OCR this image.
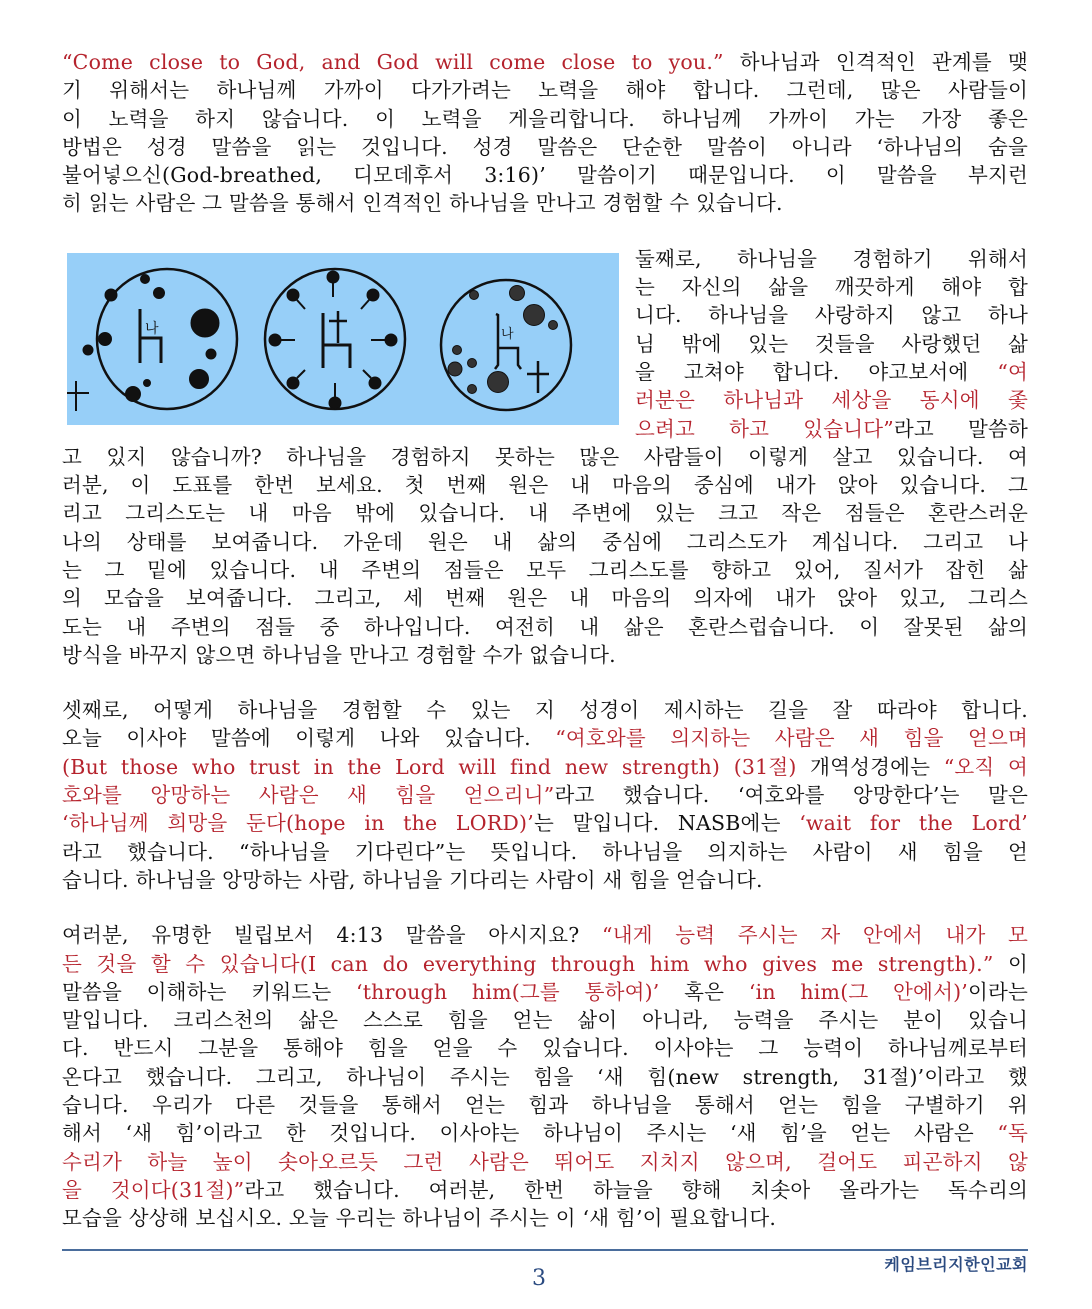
“Come close to God, and God will come close to you.” 하나님과 인격적인 관계를 맺
기 위해서는 하나님께 가까이 다가가려는 노력을 해야 합니다. 그런데, 많은 사람들이
이 노력을 하지 않습니다. 이 노력을 게을리합니다. 하나님께 가까이 가는 가장 좋은
방법은 성경 말씀을 읽는 것입니다. 성경 말씀은 단순한 말씀이 아니라 ‘하나님의 숨을
불어넣으신(God-breathed, 디모데후서 3:16)’ 말씀이기 때문입니다. 이 말씀을 부지런
히 읽는 사람은 그 말씀을 통해서 인격적인 하나님을 만나고 경험할 수 있습니다.
나	나
둘째로, 하나님을 경험하기 위해서
는 자신의 삶을 깨끗하게 해야 합
니다. 하나님을 사랑하지 않고 하나
님 밖에 있는 것들을 사랑했던 삶
을 고쳐야 합니다. 야고보서에 “여
러분은 하나님과 세상을 동시에 좇
으려고 하고 있습니다”라고 말씀하
고 있지 않습니까? 하나님을 경험하지 못하는 많은 사람들이 이렇게 살고 있습니다. 여
러분, 이 도표를 한번 보세요. 첫 번째 원은 내 마음의 중심에 내가 앉아 있습니다. 그
리고 그리스도는 내 마음 밖에 있습니다. 내 주변에 있는 크고 작은 점들은 혼란스러운
나의 상태를 보여줍니다. 가운데 원은 내 삶의 중심에 그리스도가 계십니다. 그리고 나
는 그 밑에 있습니다. 내 주변의 점들은 모두 그리스도를 향하고 있어, 질서가 잡힌 삶
의 모습을 보여줍니다. 그리고, 세 번째 원은 내 마음의 의자에 내가 앉아 있고, 그리스
도는 내 주변의 점들 중 하나입니다. 여전히 내 삶은 혼란스럽습니다. 이 잘못된 삶의
방식을 바꾸지 않으면 하나님을 만나고 경험할 수가 없습니다.
셋째로, 어떻게 하나님을 경험할 수 있는 지 성경이 제시하는 길을 잘 따라야 합니다.
오늘 이사야 말씀에 이렇게 나와 있습니다. “여호와를 의지하는 사람은 새 힘을 얻으며
(But those who trust in the Lord will find new strength) (31절) 개역성경에는 “오직 여
호와를 앙망하는 사람은 새 힘을 얻으리니”라고 했습니다. ‘여호와를 앙망한다’는 말은
‘하나님께 희망을 둔다(hope in the LORD)’는 말입니다. NASB에는 ‘wait for the Lord’
라고 했습니다. “하나님을 기다린다”는 뜻입니다. 하나님을 의지하는 사람이 새 힘을 얻
습니다. 하나님을 앙망하는 사람, 하나님을 기다리는 사람이 새 힘을 얻습니다.
여러분, 유명한 빌립보서 4:13 말씀을 아시지요? “내게 능력 주시는 자 안에서 내가 모
든 것을 할 수 있습니다(I can do everything through him who gives me strength).” 이
말씀을 이해하는 키워드는 ‘through him(그를 통하여)’ 혹은 ‘in him(그 안에서)’이라는
말입니다. 크리스천의 삶은 스스로 힘을 얻는 삶이 아니라, 능력을 주시는 분이 있습니
다. 반드시 그분을 통해야 힘을 얻을 수 있습니다. 이사야는 그 능력이 하나님께로부터
온다고 했습니다. 그리고, 하나님이 주시는 힘을 ‘새 힘(new strength, 31절)’이라고 했
습니다. 우리가 다른 것들을 통해서 얻는 힘과 하나님을 통해서 얻는 힘을 구별하기 위
해서 ‘새 힘’이라고 한 것입니다. 이사야는 하나님이 주시는 ‘새 힘’을 얻는 사람은 “독
수리가 하늘 높이 솟아오르듯 그런 사람은 뛰어도 지치지 않으며, 걸어도 피곤하지 않
을 것이다(31절)”라고 했습니다. 여러분, 한번 하늘을 향해 치솟아 올라가는 독수리의
모습을 상상해 보십시오. 오늘 우리는 하나님이 주시는 이 ‘새 힘’이 필요합니다.
케임브리지한인교회
3
